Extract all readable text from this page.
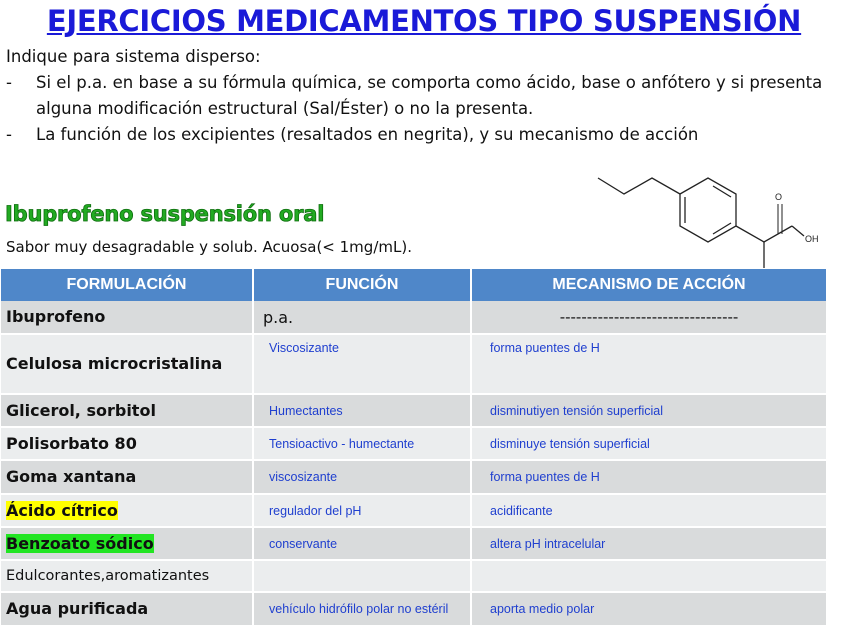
EJERCICIOS MEDICAMENTOS TIPO SUSPENSIÓN
Indique para sistema disperso:
-	Si el p.a. en base a su fórmula química, se comporta como ácido, base o anfótero y si presenta alguna modificación estructural (Sal/Éster) o no la presenta.
-	La función de los excipientes (resaltados en negrita), y su mecanismo de acción
Ibuprofeno suspensión oral
Sabor muy desagradable y solub. Acuosa(< 1mg/mL).
O
OH
FORMULACIÓN	FUNCIÓN	MECANISMO DE ACCIÓN
Ibuprofeno	p.a.	---------------------------------
Celulosa microcristalina	Viscosizante	forma puentes de H
Glicerol, sorbitol	Humectantes	disminutiyen tensión superficial
Polisorbato 80	Tensioactivo - humectante	disminuye tensión superficial
Goma xantana	viscosizante	forma puentes de H
Ácido cítrico	regulador del pH	acidificante
Benzoato sódico	conservante	altera pH intracelular
Edulcorantes,aromatizantes		
Agua purificada	vehículo hidrófilo polar no estéril	aporta medio polar
